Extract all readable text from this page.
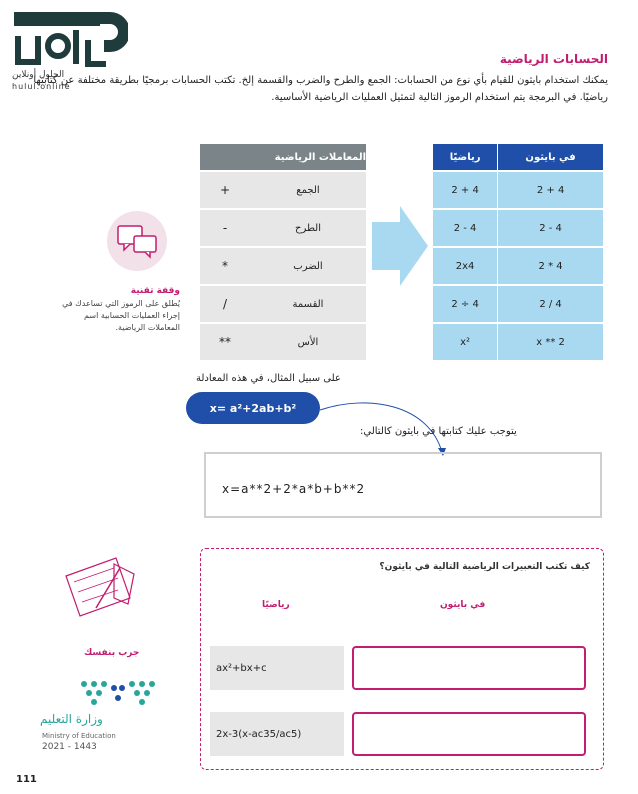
الحلول أونلاين
hulul.online
الحسابات الرياضية
يمكنك استخدام بايثون للقيام بأي نوع من الحسابات: الجمع والطرح والضرب والقسمة إلخ. تكتب الحسابات برمجيًا بطريقة مختلفة عن كتابتها رياضيًا. في البرمجة يتم استخدام الرموز التالية لتمثيل العمليات الرياضية الأساسية.
المعاملات الرياضية	
الجمع	+
الطرح	-
الضرب	*
القسمة	/
الأس	**
في بايثون	رياضيًا
2 + 4	2 + 4
2 - 4	2 - 4
2 * 4	2x4
2 / 4	2 ÷ 4
x ** 2	x²
وقفة تقنية
يُطلق على الرموز التي تساعدك في إجراء العمليات الحسابية اسم المعاملات الرياضية.
على سبيل المثال، في هذه المعادلة
x= a²+2ab+b²
يتوجب عليك كتابتها في بايثون كالتالي:
x=a**2+2*a*b+b**2
جرب بنفسك
كيف تكتب التعبيرات الرياضية التالية في بايثون؟
في بايثون
رياضيًا
ax²+bx+c
2x-3(x-ac35/ac5)
وزارة التعليم
Ministry of Education
2021 - 1443
111
